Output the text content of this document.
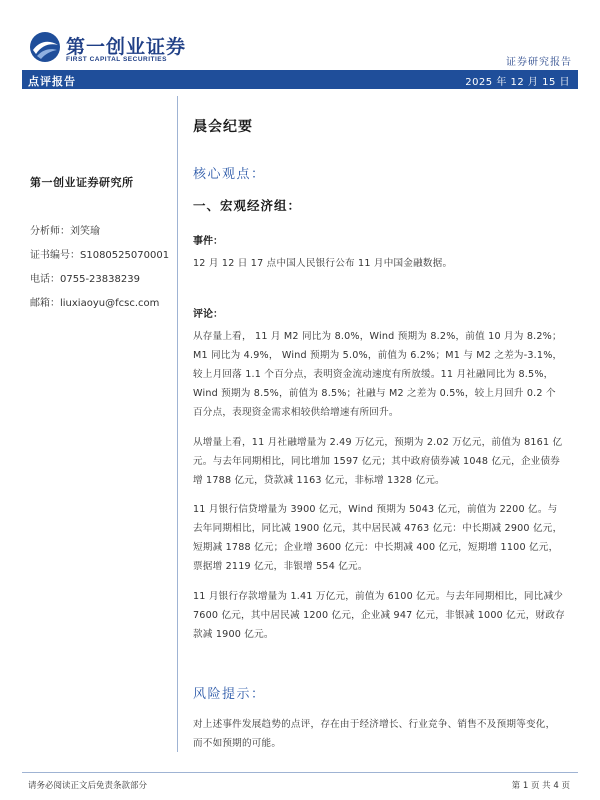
第一创业证券
FIRST CAPITAL SECURITIES	证券研究报告
点评报告	2025 年 12 月 15 日
第一创业证券研究所
分析师：刘笑瑜
证书编号：S1080525070001
电话：0755-23838239
邮箱：liuxiaoyu@fcsc.com
晨会纪要
核心观点：
一、宏观经济组：
事件：
12 月 12 日 17 点中国人民银行公布 11 月中国金融数据。
评论：
从存量上看， 11 月 M2 同比为 8.0%，Wind 预期为 8.2%，前值 10 月为 8.2%；M1 同比为 4.9%， Wind 预期为 5.0%，前值为 6.2%；M1 与 M2 之差为-3.1%，较上月回落 1.1 个百分点，表明资金流动速度有所放缓。11 月社融同比为 8.5%，Wind 预期为 8.5%，前值为 8.5%；社融与 M2 之差为 0.5%，较上月回升 0.2 个百分点，表现资金需求相较供给增速有所回升。
从增量上看，11 月社融增量为 2.49 万亿元，预期为 2.02 万亿元，前值为 8161 亿元。与去年同期相比，同比增加 1597 亿元；其中政府债券减 1048 亿元，企业债券增 1788 亿元，贷款减 1163 亿元，非标增 1328 亿元。
11 月银行信贷增量为 3900 亿元，Wind 预期为 5043 亿元，前值为 2200 亿。与去年同期相比，同比减 1900 亿元，其中居民减 4763 亿元：中长期减 2900 亿元，短期减 1788 亿元；企业增 3600 亿元：中长期减 400 亿元，短期增 1100 亿元，票据增 2119 亿元，非银增 554 亿元。
11 月银行存款增量为 1.41 万亿元，前值为 6100 亿元。与去年同期相比，同比减少 7600 亿元，其中居民减 1200 亿元，企业减 947 亿元，非银减 1000 亿元，财政存款减 1900 亿元。
风险提示：
对上述事件发展趋势的点评，存在由于经济增长、行业竞争、销售不及预期等变化，而不如预期的可能。
请务必阅读正文后免责条款部分	第 1 页 共 4 页
